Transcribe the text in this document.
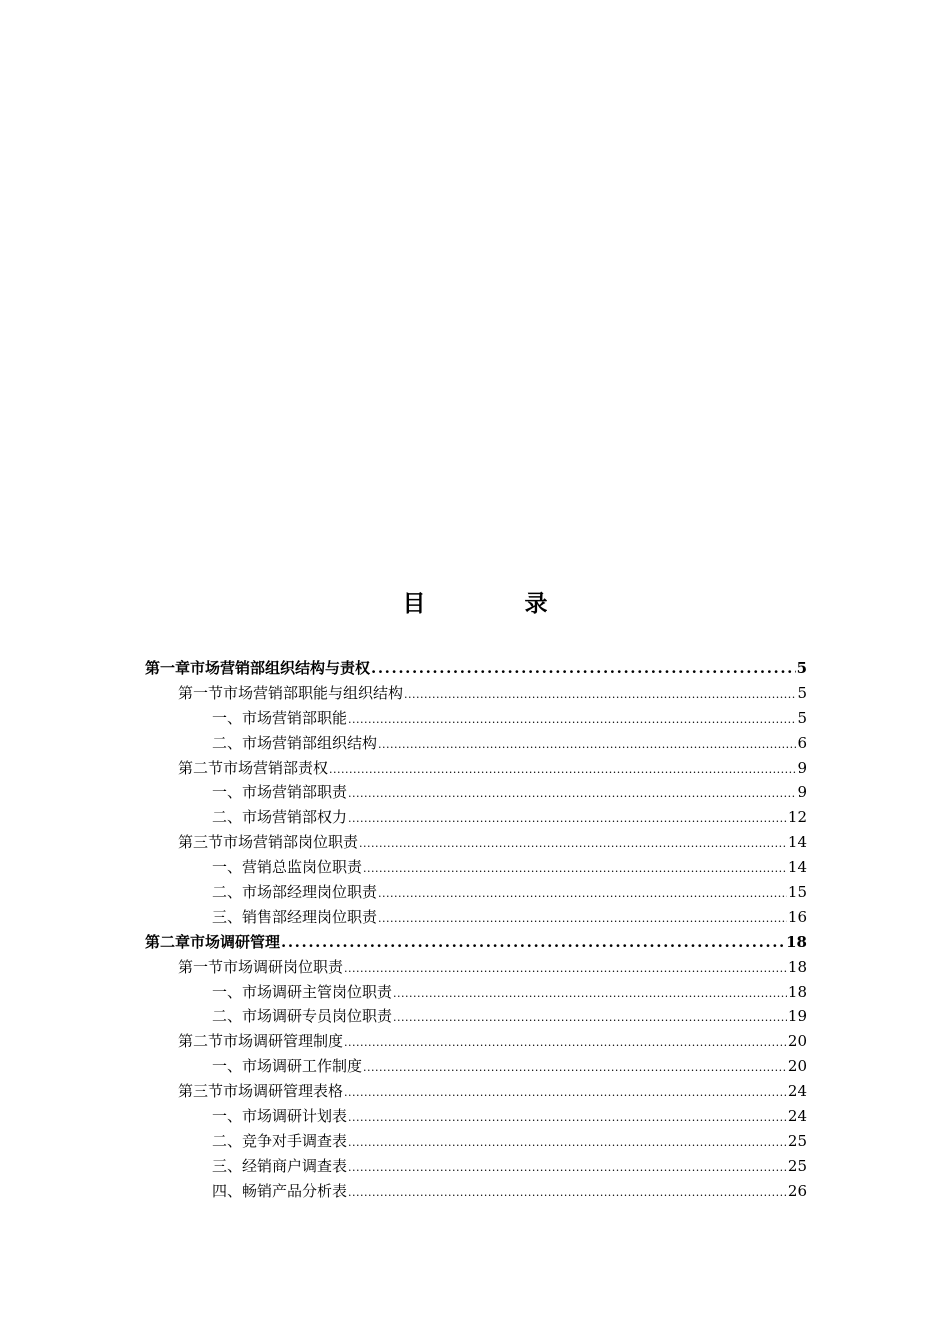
目　录
第一章 市场营销部组织结构与责权 .....	5
第一节 市场营销部职能与组织结构 .....	5
一、 市场营销部职能 .....	5
二、 市场营销部组织结构 .....	6
第二节 市场营销部责权 .....	9
一、 市场营销部职责 .....	9
二、 市场营销部权力 .....	12
第三节 市场营销部岗位职责 .....	14
一、 营销总监岗位职责 .....	14
二、 市场部经理岗位职责 .....	15
三、 销售部经理岗位职责 .....	16
第二章 市场调研管理 .....	18
第一节 市场调研岗位职责 .....	18
一、 市场调研主管岗位职责 .....	18
二、 市场调研专员岗位职责 .....	19
第二节 市场调研管理制度 .....	20
一、 市场调研工作制度 .....	20
第三节 市场调研管理表格 .....	24
一、 市场调研计划表 .....	24
二、 竞争对手调查表 .....	25
三、 经销商户调查表 .....	25
四、 畅销产品分析表 .....	26
